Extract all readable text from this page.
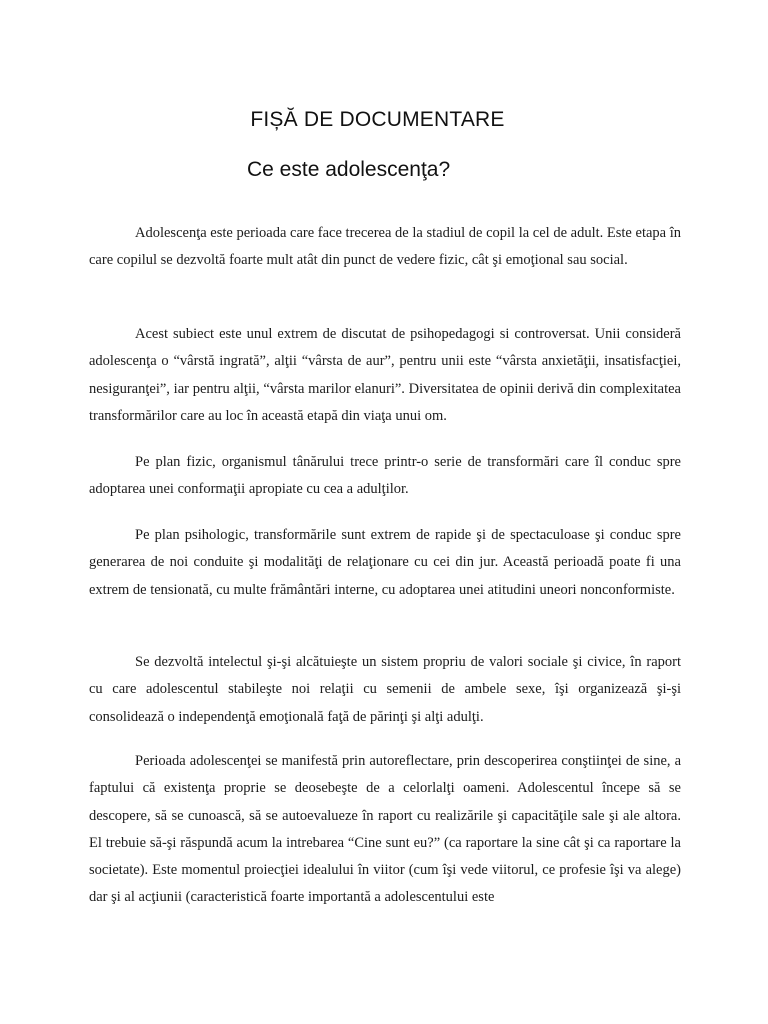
FIȘĂ DE DOCUMENTARE
Ce este adolescenţa?

Adolescenţa este perioada care face trecerea de la stadiul de copil la cel de adult. Este etapa în care copilul se dezvoltă foarte mult atât din punct de vedere fizic, cât şi emoţional sau social.

Acest subiect este unul extrem de discutat de psihopedagogi si controversat. Unii consideră adolescenţa o “vârstă ingrată”, alţii “vârsta de aur”, pentru unii este “vârsta anxietăţii, insatisfacţiei, nesiguranţei”, iar pentru alţii, “vârsta marilor elanuri”. Diversitatea de opinii derivă din complexitatea transformărilor care au loc în această etapă din viaţa unui om.

Pe plan fizic, organismul tânărului trece printr-o serie de transformări care îl conduc spre adoptarea unei conformaţii apropiate cu cea a adulţilor.

Pe plan psihologic, transformările sunt extrem de rapide şi de spectaculoase şi conduc spre generarea de noi conduite şi modalităţi de relaţionare cu cei din jur. Această perioadă poate fi una extrem de tensionată, cu multe frământări interne, cu adoptarea unei atitudini uneori nonconformiste.

Se dezvoltă intelectul şi-şi alcătuieşte un sistem propriu de valori sociale şi civice, în raport cu care adolescentul stabileşte noi relaţii cu semenii de ambele sexe, îşi organizează şi-şi consolidează o independenţă emoţională faţă de părinţi şi alţi adulţi.

Perioada adolescenţei se manifestă prin autoreflectare, prin descoperirea conştiinţei de sine, a faptului că existenţa proprie se deosebeşte de a celorlalţi oameni. Adolescentul începe să se descopere, să se cunoască, să se autoevalueze în raport cu realizările şi capacităţile sale şi ale altora. El trebuie să-şi răspundă acum la intrebarea “Cine sunt eu?” (ca raportare la sine cât şi ca raportare la societate). Este momentul proiecţiei idealului în viitor (cum îşi vede viitorul, ce profesie îşi va alege) dar şi al acţiunii (caracteristică foarte importantă a adolescentului este
